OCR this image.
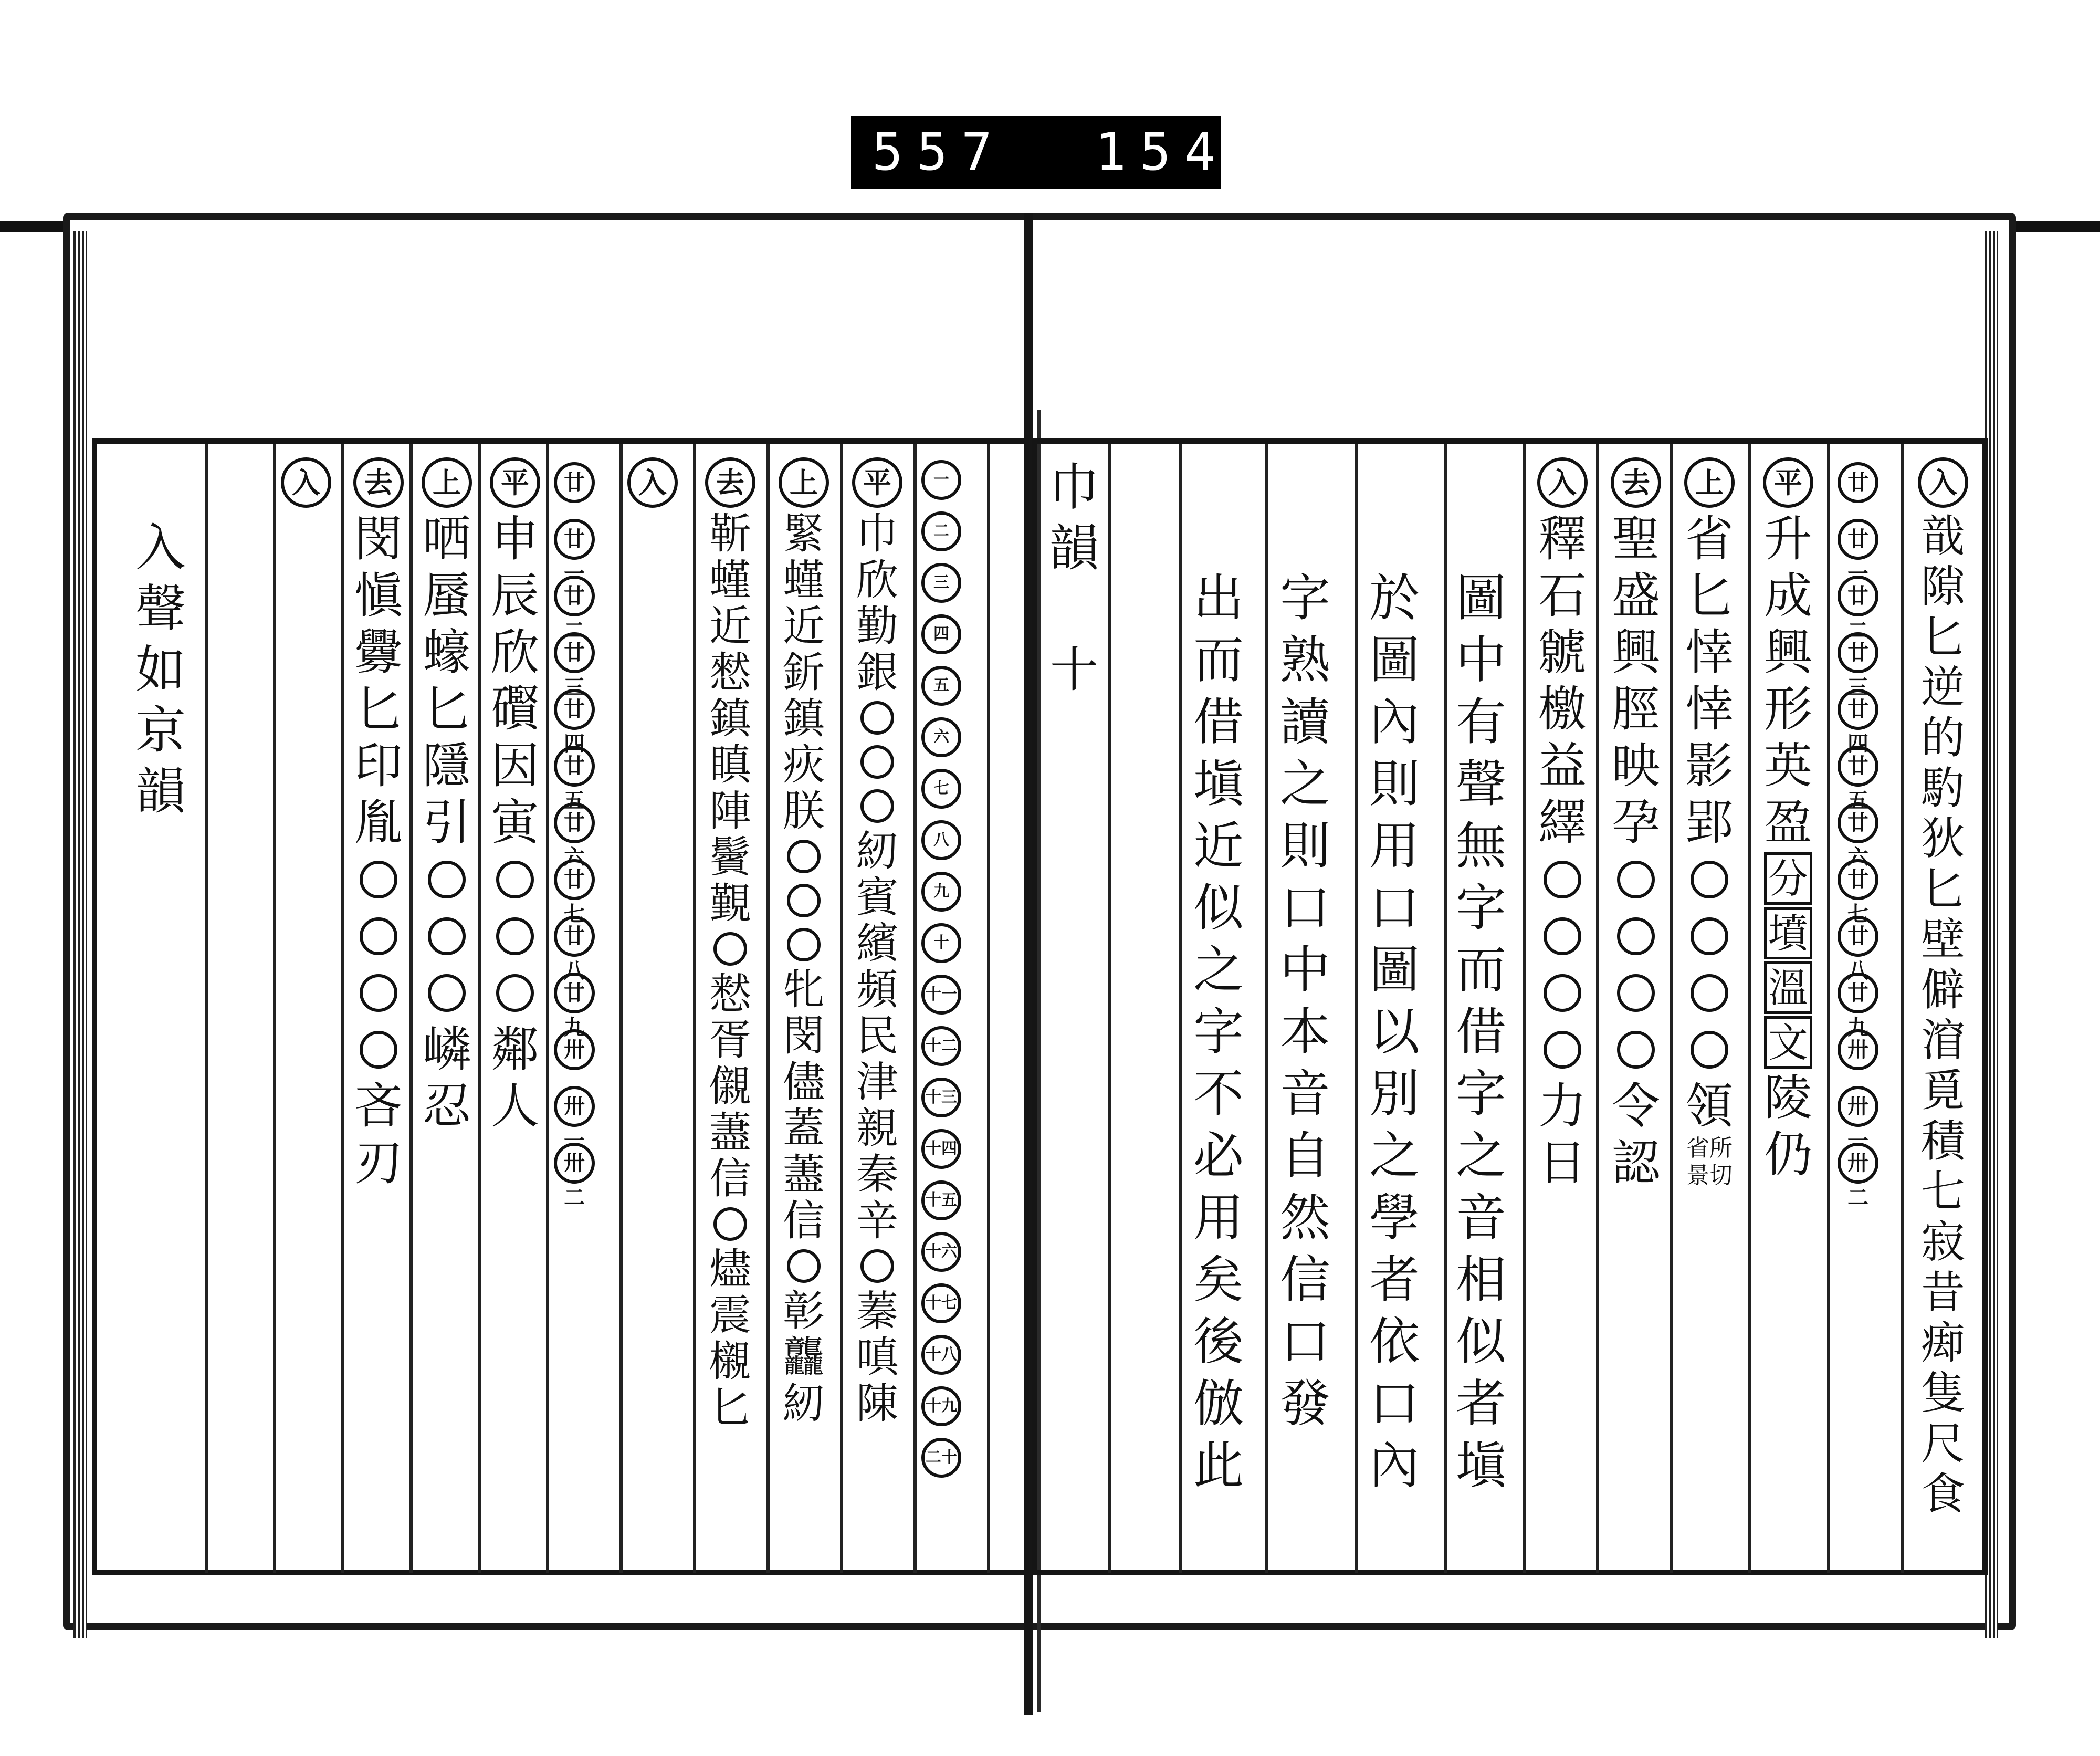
557  154.
一
二
三
四
五
六
七
八
九
十
十一
十二
十三
十四
十五
十六
十七
十八
十九
二十
平
巾
欣
勤
銀
紉
賓
繽
頻
民
津
親
秦
辛
蓁
嗔
陳
上
緊
螼
近
釿
鎮
疢
朕
牝
閔
儘
蓋
藎
信
彰
龘
紉
去
靳
螼
近
憖
鎮
瞋
陣
鬢
覲
慭
胥
儭
藎
信
燼
震
櫬
匕
入
廿
廿一
廿二
廿三
廿四
廿五
廿六
廿七
廿八
廿九
卅
卅一
卅二
平
申
辰
欣
礥
因
寅
鄰
人
上
哂
蜃
蠔
匕
隱
引
嶙
忍
去
閔
愼
釁
匕
印
胤
吝
刃
入
入
聲
如
京
韻
入
戠
隙
匕
逆
的
馰
狄
匕
壁
僻
㴭
覓
積
七
寂
昔
㾡
隻
尺
食
廿
廿一
廿二
廿三
廿四
廿五
廿六
廿七
廿八
廿九
卅
卅一
卅二
平
升
成
興
形
英
盈
分
墳
溫
文
陵
仍
上
省
匕
悻
悻
影
郢
領
省所
景切
去
聖
盛
興
脛
映
孕
令
認
入
釋
石
虩
檄
益
繹
力
日
圖
中
有
聲
無
字
而
借
字
之
音
相
似
者
塡
於
圖
內
則
用
口
圖
以
別
之
學
者
依
口
內
字
熟
讀
之
則
口
中
本
音
自
然
信
口
發
出
而
借
塡
近
似
之
字
不
必
用
矣
後
倣
此
巾
韻
十
